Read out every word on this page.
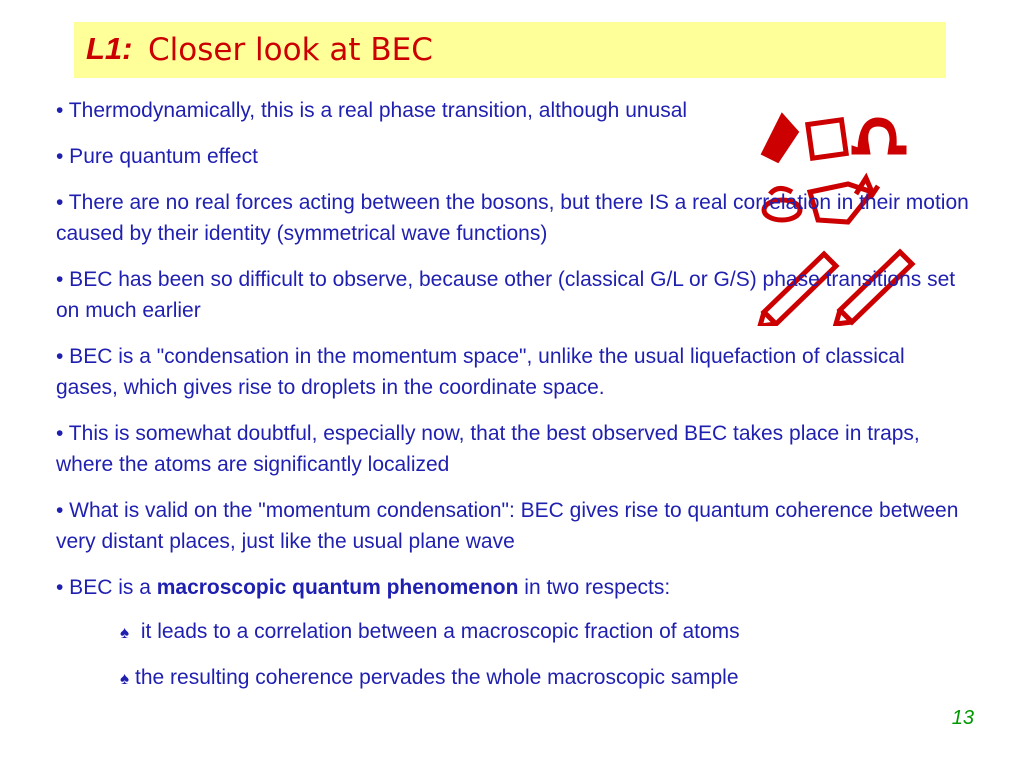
L1: Closer look at BEC

• Thermodynamically, this is a real phase transition, although unusal

• Pure quantum effect

• There are no real forces acting between the bosons, but there IS a real correlation in their motion caused by their identity (symmetrical wave functions)

• BEC has been so difficult to observe, because other (classical G/L or G/S) phase transitions set on much earlier

• BEC is a "condensation in the momentum space", unlike the usual liquefaction of classical gases, which gives rise to droplets in the coordinate space.

• This is somewhat doubtful, especially now, that the best observed BEC takes place in traps, where the atoms are significantly localized

• What is valid on the "momentum condensation": BEC gives rise to quantum coherence between very distant places, just like the usual plane wave

• BEC is a macroscopic quantum phenomenon in two respects:

♠ it leads to a correlation between a macroscopic fraction of atoms

♠ the resulting coherence pervades the whole macroscopic sample

13
